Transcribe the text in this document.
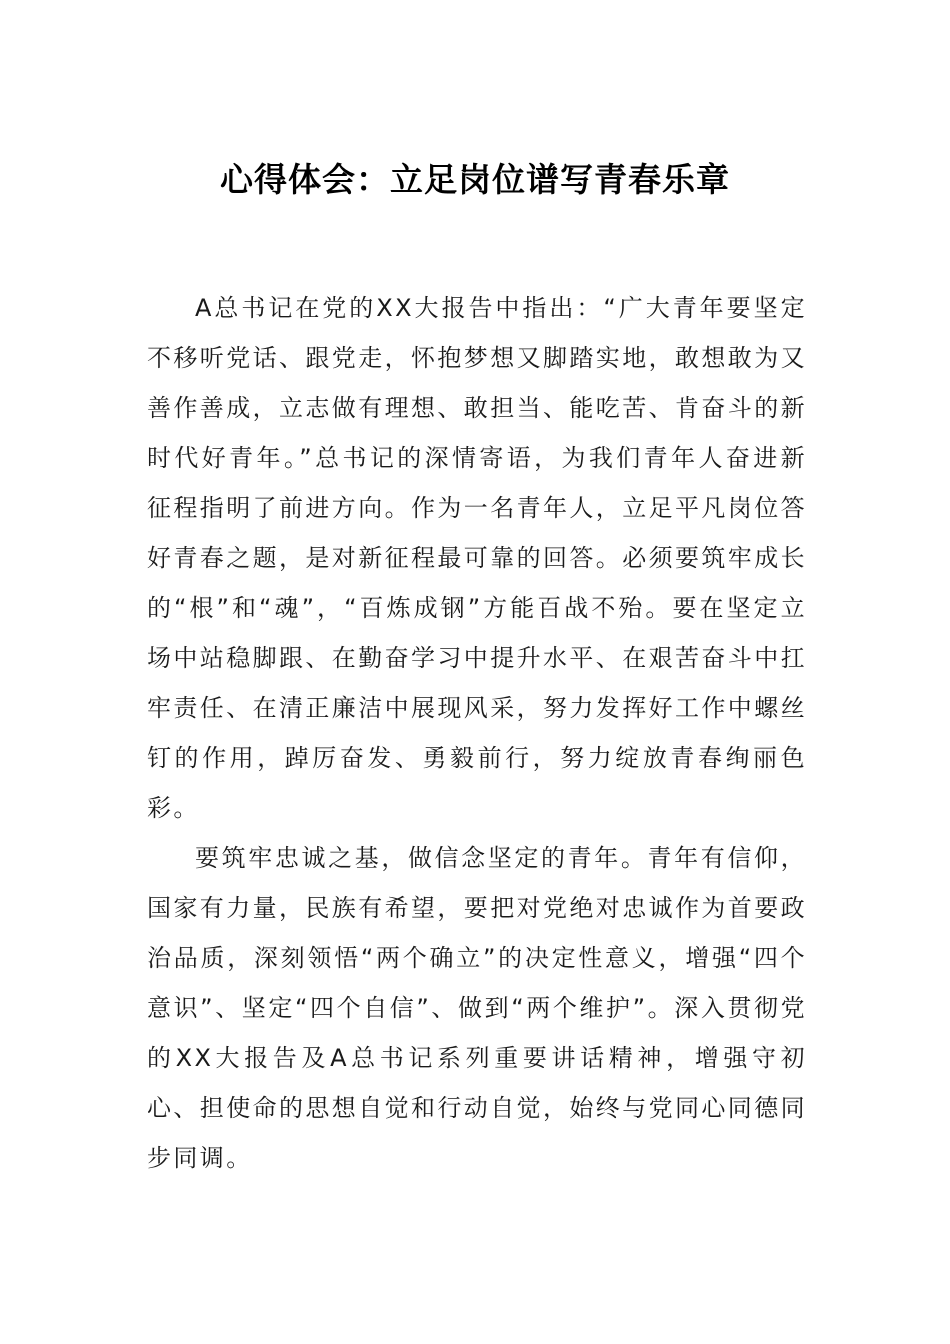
心得体会：立足岗位谱写青春乐章

A总书记在党的XX大报告中指出：“广大青年要坚定不移听党话、跟党走，怀抱梦想又脚踏实地，敢想敢为又善作善成，立志做有理想、敢担当、能吃苦、肯奋斗的新时代好青年。”总书记的深情寄语，为我们青年人奋进新征程指明了前进方向。作为一名青年人，立足平凡岗位答好青春之题，是对新征程最可靠的回答。必须要筑牢成长的“根”和“魂”，“百炼成钢”方能百战不殆。要在坚定立场中站稳脚跟、在勤奋学习中提升水平、在艰苦奋斗中扛牢责任、在清正廉洁中展现风采，努力发挥好工作中螺丝钉的作用，踔厉奋发、勇毅前行，努力绽放青春绚丽色彩。

要筑牢忠诚之基，做信念坚定的青年。青年有信仰，国家有力量，民族有希望，要把对党绝对忠诚作为首要政治品质，深刻领悟“两个确立”的决定性意义，增强“四个意识”、坚定“四个自信”、做到“两个维护”。深入贯彻党的XX大报告及A总书记系列重要讲话精神，增强守初心、担使命的思想自觉和行动自觉，始终与党同心同德同步同调。
